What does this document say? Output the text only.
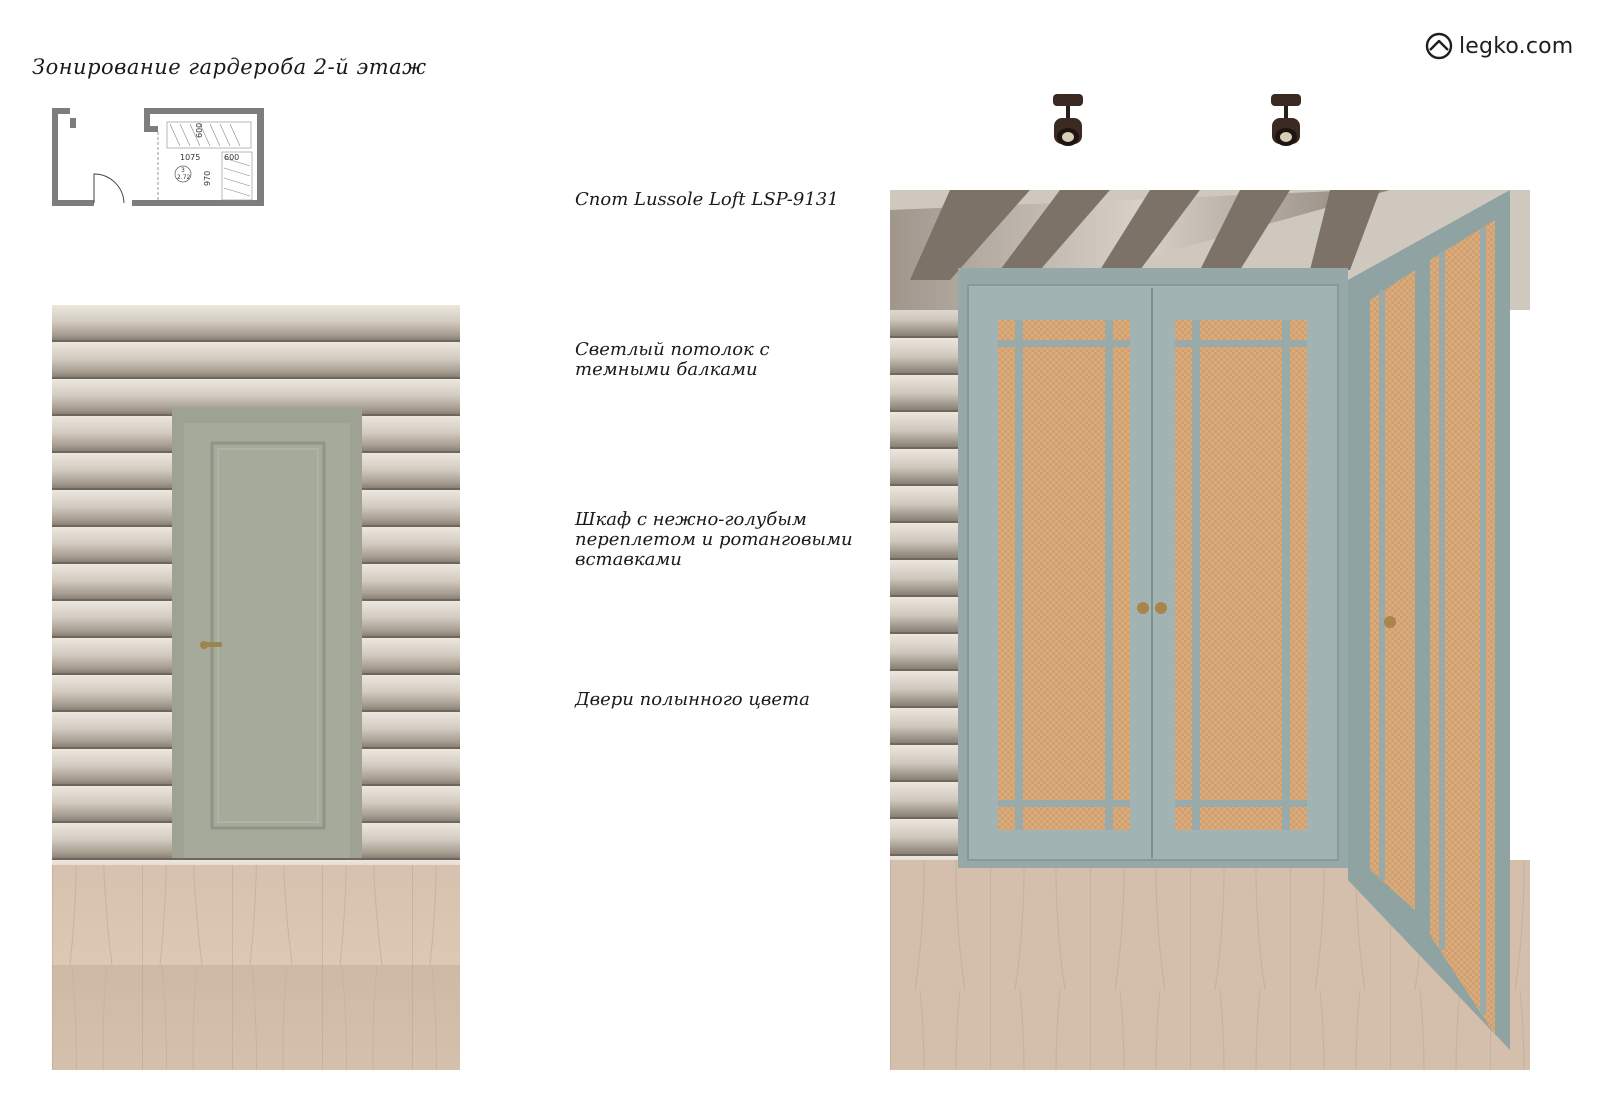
Зонирование гардероба 2-й этаж
legko.com
1075	600
600
970
3
2.72
Спот Lussole Loft LSP-9131
Светлый потолок с
темными балками
Шкаф с нежно-голубым
переплетом и ротанговыми
вставками
Двери полынного цвета
